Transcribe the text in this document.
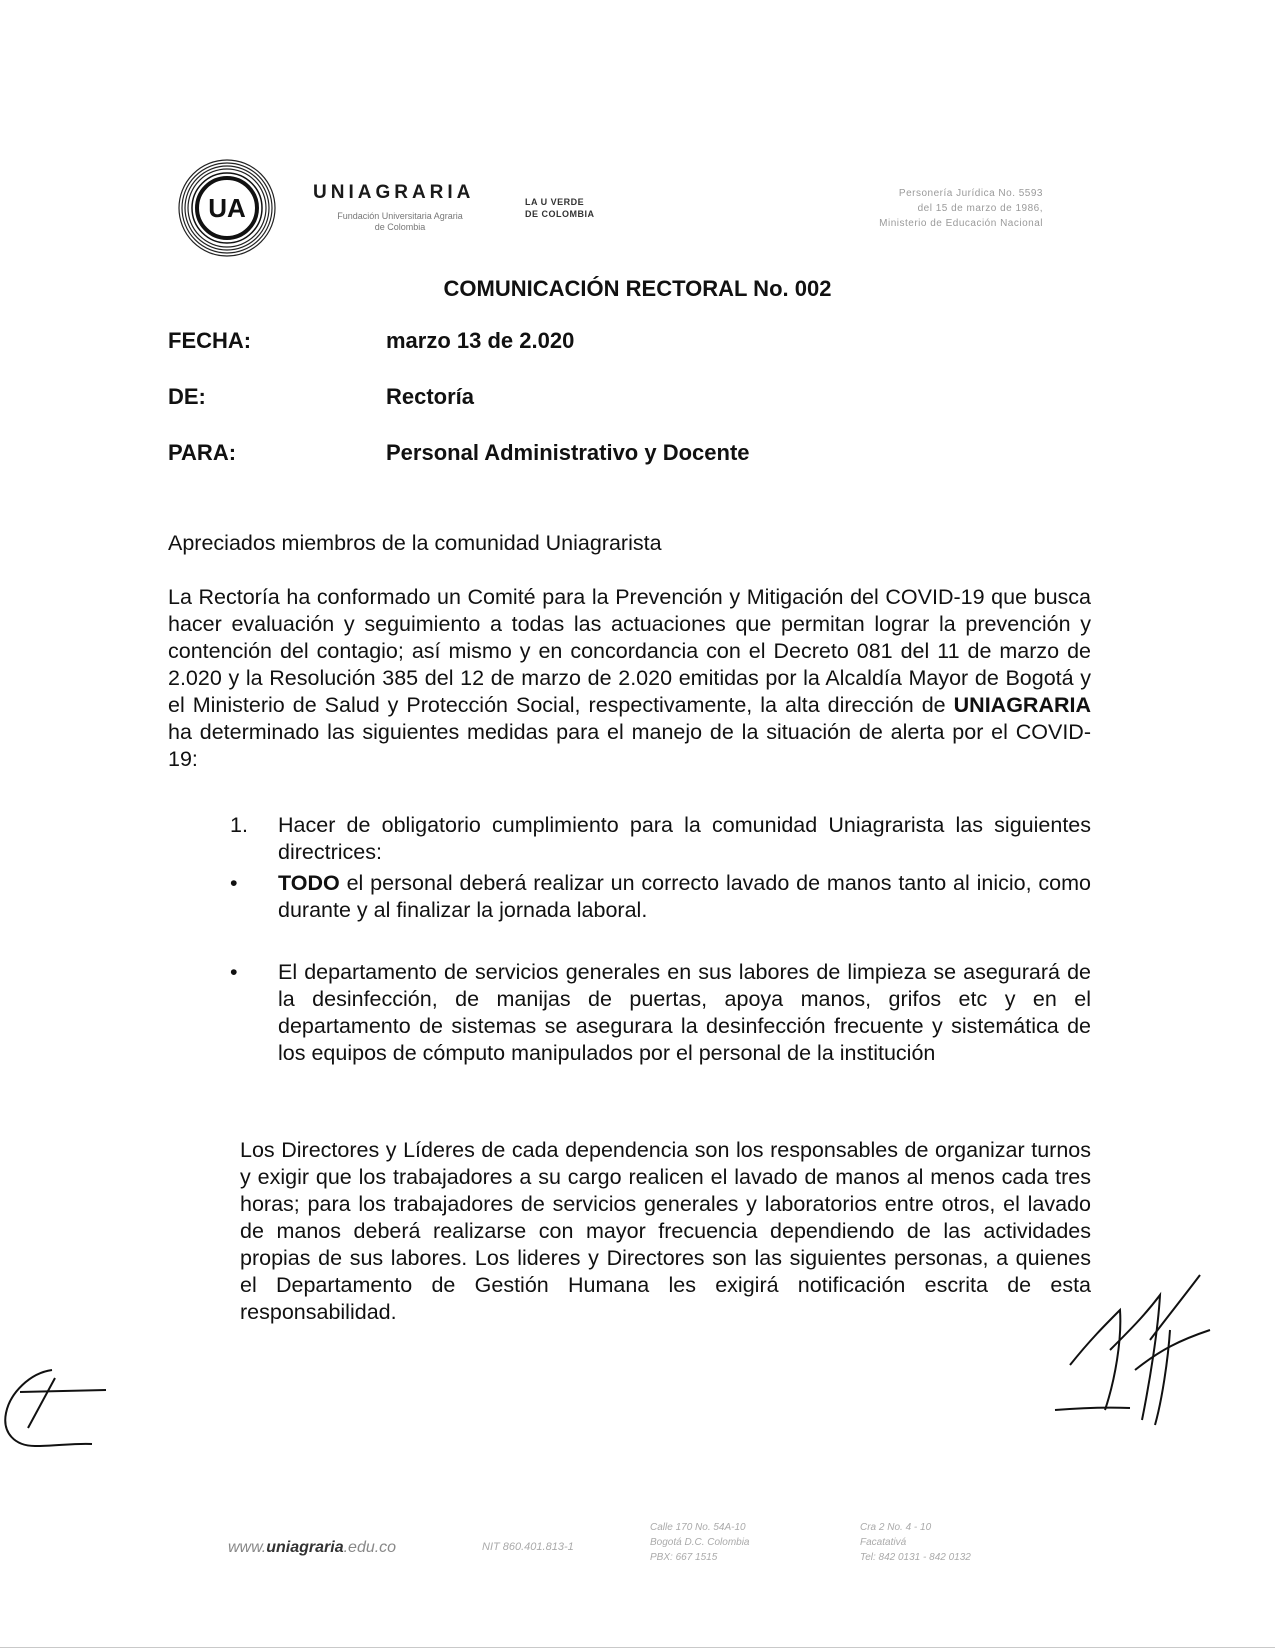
UA
UNIAGRARIA
Fundación Universitaria Agraria
de Colombia
LA U VERDE
DE COLOMBIA
Personería Jurídica No. 5593
del 15 de marzo de 1986,
Ministerio de Educación Nacional
COMUNICACIÓN RECTORAL No. 002
FECHA:	marzo 13 de 2.020
DE:	Rectoría
PARA:	Personal Administrativo y Docente
Apreciados miembros de la comunidad Uniagrarista
La Rectoría ha conformado un Comité para la Prevención y Mitigación del COVID-19 que busca hacer evaluación y seguimiento a todas las actuaciones que permitan lograr la prevención y contención del contagio; así mismo y en concordancia con el Decreto 081 del 11 de marzo de 2.020 y la Resolución 385 del 12 de marzo de 2.020 emitidas por la Alcaldía Mayor de Bogotá y el Ministerio de Salud y Protección Social, respectivamente, la alta dirección de UNIAGRARIA ha determinado las siguientes medidas para el manejo de la situación de alerta por el COVID-19:
1. Hacer de obligatorio cumplimiento para la comunidad Uniagrarista las siguientes directrices:
• TODO el personal deberá realizar un correcto lavado de manos tanto al inicio, como durante y al finalizar la jornada laboral.
• El departamento de servicios generales en sus labores de limpieza se asegurará de la desinfección, de manijas de puertas, apoya manos, grifos etc y en el departamento de sistemas se asegurara la desinfección frecuente y sistemática de los equipos de cómputo manipulados por el personal de la institución
Los Directores y Líderes de cada dependencia son los responsables de organizar turnos y exigir que los trabajadores a su cargo realicen el lavado de manos al menos cada tres horas; para los trabajadores de servicios generales y laboratorios entre otros, el lavado de manos deberá realizarse con mayor frecuencia dependiendo de las actividades propias de sus labores. Los lideres y Directores son las siguientes personas, a quienes el Departamento de Gestión Humana les exigirá notificación escrita de esta responsabilidad.
www.uniagraria.edu.co	NIT 860.401.813-1
Calle 170 No. 54A-10
Bogotá D.C. Colombia
PBX: 667 1515
Cra 2 No. 4 - 10
Facatativá
Tel: 842 0131 - 842 0132
